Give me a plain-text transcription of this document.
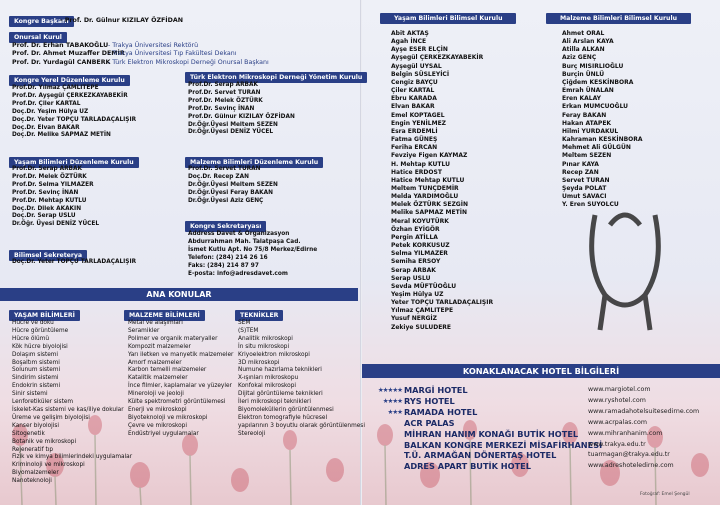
Kongre Başkanı
- Prof. Dr. Gülnur KIZILAY ÖZFİDAN
Onursal Kurul
Prof. Dr. Erhan TABAKOĞLU
Prof. Dr. Ahmet Muzaffer DEMİR
Prof. Dr. Yurdagül CANBERK
- Trakya Üniversitesi Rektörü
- Trakya Üniversitesi Tıp Fakültesi Dekanı
- Türk Elektron Mikroskopi Derneği Onursal Başkanı
Kongre Yerel Düzenleme Kurulu
Prof.Dr. Yılmaz ÇAMLITEPE
Prof.Dr. Ayşegül ÇERKEZKAYABEKİR
Prof.Dr. Çiler KARTAL
Doç.Dr. Yeşim Hülya UZ
Doç.Dr. Yeter TOPÇU TARLADAÇALIŞIR
Doç.Dr. Elvan BAKAR
Doç.Dr. Melike SAPMAZ METİN
Türk Elektron Mikroskopi Derneği Yönetim Kurulu
Prof.Dr. Serap ARBAK
Prof.Dr. Servet TURAN
Prof.Dr. Melek ÖZTÜRK
Prof.Dr. Sevinç İNAN
Prof.Dr. Gülnur KIZILAY ÖZFİDAN
Dr.Öğr.Üyesi Meltem SEZEN
Dr.Öğr.Üyesi DENİZ YÜCEL
Yaşam Bilimleri Düzenleme Kurulu
Prof.Dr. Serap ARBAK
Prof.Dr. Melek ÖZTÜRK
Prof.Dr. Selma YILMAZER
Prof.Dr. Sevinç İNAN
Prof.Dr. Mehtap KUTLU
Doç.Dr. Dilek AKAKIN
Doç.Dr. Serap USLU
Dr.Öğr. Üyesi DENİZ YÜCEL
Malzeme Bilimleri Düzenleme Kurulu
Prof.Dr. Servet TURAN
Doç.Dr. Recep ZAN
Dr.Öğr.Üyesi Meltem SEZEN
Dr.Öğr.Üyesi Feray BAKAN
Dr.Öğr.Üyesi Aziz GENÇ
Kongre Sekretaryası
Address Davet & Organizasyon
Abdurrahman Mah. Talatpaşa Cad.
İsmet Kutlu Apt. No 75/8 Merkez/Edirne
Telefon: (284) 214 26 16
Faks: (284) 214 87 97
E-posta: info@adresdavet.com
Bilimsel Sekreterya
Doç.Dr. Yeter TOPÇU TARLADAÇALIŞIR
ANA KONULAR
YAŞAM BİLİMLERİ
Hücre ve doku
Hücre görüntüleme
Hücre ölümü
Kök hücre biyolojisi
Dolaşım sistemi
Boşaltım sistemi
Solunum sistemi
Sindirim sistemi
Endokrin sistemi
Sinir sistemi
Lenforetiküler sistem
İskelet-Kas sistemi ve kas/iliye dokular
Üreme ve gelişim biyolojisi
Kanser biyolojisi
Sitogenetik
Botanik ve mikroskopi
Rejeneratif tıp
Fizik ve kimya bilimlerindeki uygulamalar
Kriminoloji ve mikroskopi
Biyomalzemeler
Nanoteknoloji
MALZEME BİLİMLERİ
Metal ve alaşımları
Seramikler
Polimer ve organik materyaller
Kompozit malzemeler
Yarı iletken ve manyetik malzemeler
Amorf malzemeler
Karbon temelli malzemeler
Katalitik malzemeler
İnce filmler, kaplamalar ve yüzeyler
Mineroloji ve jeoloji
Külte spektrometri görüntülemesi
Enerji ve mikroskopi
Biyoteknoloji ve mikroskopi
Çevre ve mikroskopi
Endüstriyel uygulamalar
TEKNİKLER
SEM
(S)TEM
Analitik mikroskopi
İn situ mikroskopi
Kriyoelektron mikroskopi
3D mikroskopi
Numune hazırlama teknikleri
X-ışınları mikroskopu
Konfokal mikroskopi
Dijital görüntüleme teknikleri
İleri mikroskopi teknikleri
Biyomoleküllerin görüntülenmesi
Elektron tomografiyle hücresel
yapılarının 3 boyutlu olarak görüntülenmesi
Stereoloji
Yaşam Bilimleri Bilimsel Kurulu
Abit AKTAŞ
Agah İNCE
Ayşe ESER ELÇİN
Ayşegül ÇERKEZKAYABEKİR
Ayşegül UYSAL
Belgin SÜSLEYİCİ
Cengiz BAYÇU
Çiler KARTAL
Ebru KARADA
Elvan BAKAR
Emel KOPTAGEL
Engin YENİLMEZ
Esra ERDEMLİ
Fatma GÜNEŞ
Feriha ERCAN
Fevziye Figen KAYMAZ
H. Mehtap KUTLU
Hatice ERDOST
Hatice Mehtap KUTLU
Meltem TUNÇDEMİR
Melda YARDIMOĞLU
Melek ÖZTÜRK SEZGİN
Melike SAPMAZ METİN
Meral KOYUTÜRK
Özhan EYİGÖR
Pergin ATİLLA
Petek KORKUSUZ
Selma YILMAZER
Semiha ERSOY
Serap ARBAK
Serap USLU
Sevda MÜFTÜOĞLU
Yeşim Hülya UZ
Yeter TOPÇU TARLADAÇALIŞIR
Yılmaz ÇAMLITEPE
Yusuf NERGİZ
Zekiye SULUDERE
Malzeme Bilimleri Bilimsel Kurulu
Ahmet ORAL
Ali Arslan KAYA
Atilla ALKAN
Aziz GENÇ
Burç MISIRLIOĞLU
Burçin ÜNLÜ
Çiğdem KESKİNBORA
Emrah ÜNALAN
Eren KALAY
Erkan MUMCUOĞLU
Feray BAKAN
Hakan ATAPEK
Hilmi YURDAKUL
Kahraman KESKİNBORA
Mehmet Ali GÜLGÜN
Meltem SEZEN
Pınar KAYA
Recep ZAN
Servet TURAN
Şeyda POLAT
Umut SAVACI
Y. Eren SUYOLCU
KONAKLANACAK HOTEL BİLGİLERİ
★★★★★
★★★★
★★★
MARGİ HOTEL
RYS HOTEL
RAMADA HOTEL
ACR PALAS
MİHRAN HANIM KONAĞI BUTİK HOTEL
BALKAN KONGRE MERKEZİ MİSAFİRHANESİ
T.Ü. ARMAĞAN DÖNERTAŞ HOTEL
ADRES APART BUTİK HOTEL
www.margiotel.com
www.ryshotel.com
www.ramadahotelsuitesedirne.com
www.acrpalas.com
www.mihranhanim.com
www.trakya.edu.tr
tuarmagan@trakya.edu.tr
www.adreshoteledirne.com
Fotoğraf: Emel Şengül
